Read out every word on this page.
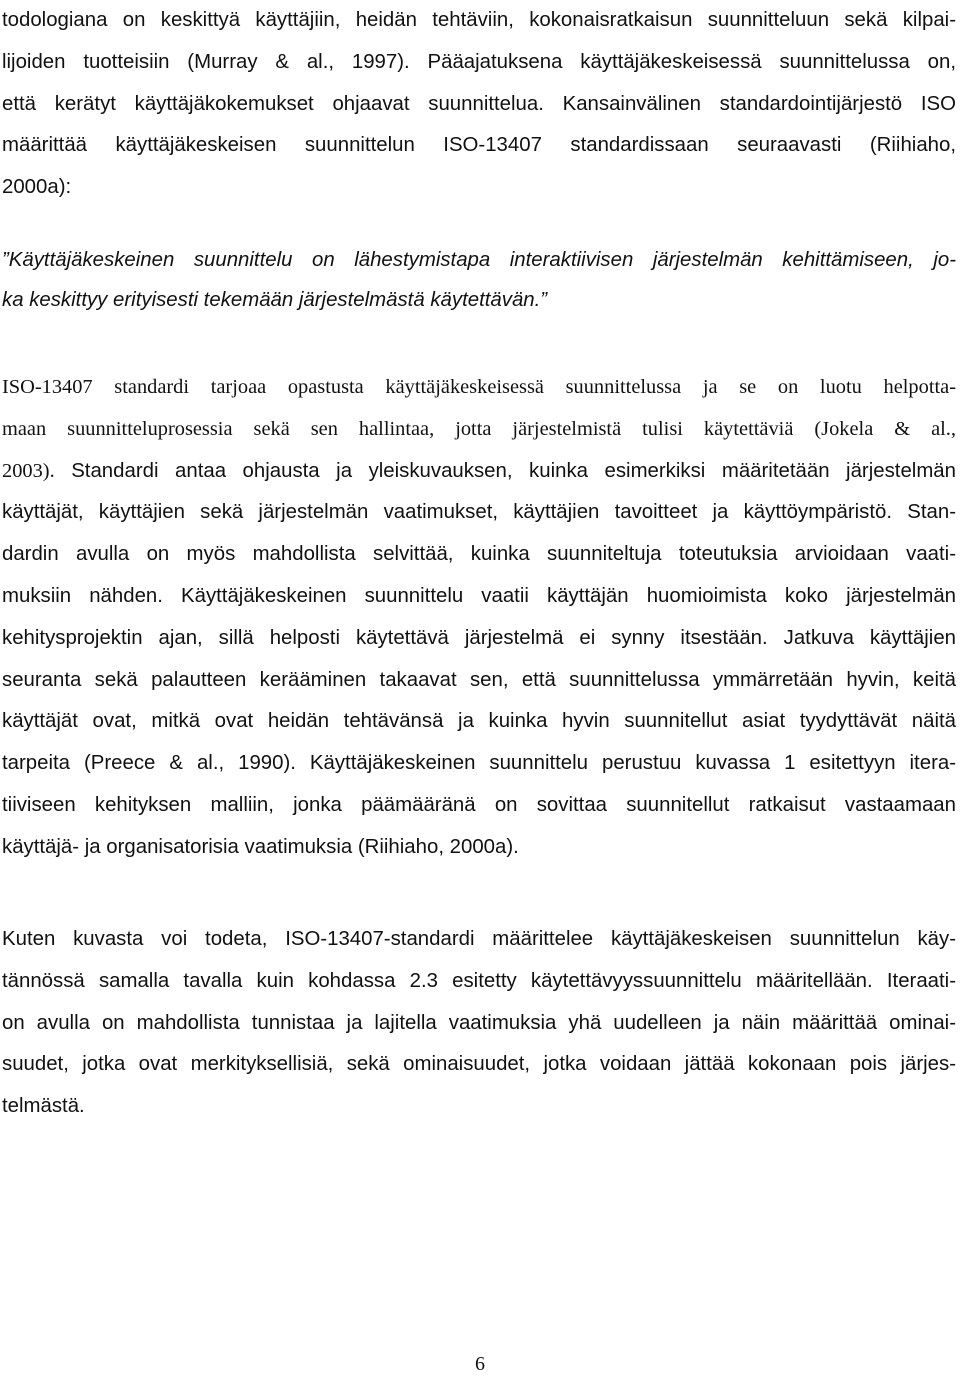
todologiana on keskittyä käyttäjiin, heidän tehtäviin, kokonaisratkaisun suunnitteluun sekä kilpai-
lijoiden tuotteisiin (Murray & al., 1997). Pääajatuksena käyttäjäkeskeisessä suunnittelussa on,
että kerätyt käyttäjäkokemukset ohjaavat suunnittelua. Kansainvälinen standardointijärjestö ISO
määrittää käyttäjäkeskeisen suunnittelun ISO-13407 standardissaan seuraavasti (Riihiaho,
2000a):

”Käyttäjäkeskeinen suunnittelu on lähestymistapa interaktiivisen järjestelmän kehittämiseen, jo-
ka keskittyy erityisesti tekemään järjestelmästä käytettävän.”

ISO-13407 standardi tarjoaa opastusta käyttäjäkeskeisessä suunnittelussa ja se on luotu helpotta-
maan suunnitteluprosessia sekä sen hallintaa, jotta järjestelmistä tulisi käytettäviä (Jokela & al.,
2003). Standardi antaa ohjausta ja yleiskuvauksen, kuinka esimerkiksi määritetään järjestelmän
käyttäjät, käyttäjien sekä järjestelmän vaatimukset, käyttäjien tavoitteet ja käyttöympäristö. Stan-
dardin avulla on myös mahdollista selvittää, kuinka suunniteltuja toteutuksia arvioidaan vaati-
muksiin nähden. Käyttäjäkeskeinen suunnittelu vaatii käyttäjän huomioimista koko järjestelmän
kehitysprojektin ajan, sillä helposti käytettävä järjestelmä ei synny itsestään. Jatkuva käyttäjien
seuranta sekä palautteen kerääminen takaavat sen, että suunnittelussa ymmärretään hyvin, keitä
käyttäjät ovat, mitkä ovat heidän tehtävänsä ja kuinka hyvin suunnitellut asiat tyydyttävät näitä
tarpeita (Preece & al., 1990). Käyttäjäkeskeinen suunnittelu perustuu kuvassa 1 esitettyyn itera-
tiiviseen kehityksen malliin, jonka päämääränä on sovittaa suunnitellut ratkaisut vastaamaan
käyttäjä- ja organisatorisia vaatimuksia (Riihiaho, 2000a).

Kuten kuvasta voi todeta, ISO-13407-standardi määrittelee käyttäjäkeskeisen suunnittelun käy-
tännössä samalla tavalla kuin kohdassa 2.3 esitetty käytettävyyssuunnittelu määritellään. Iteraati-
on avulla on mahdollista tunnistaa ja lajitella vaatimuksia yhä uudelleen ja näin määrittää ominai-
suudet, jotka ovat merkityksellisiä, sekä ominaisuudet, jotka voidaan jättää kokonaan pois järjes-
telmästä.

6
